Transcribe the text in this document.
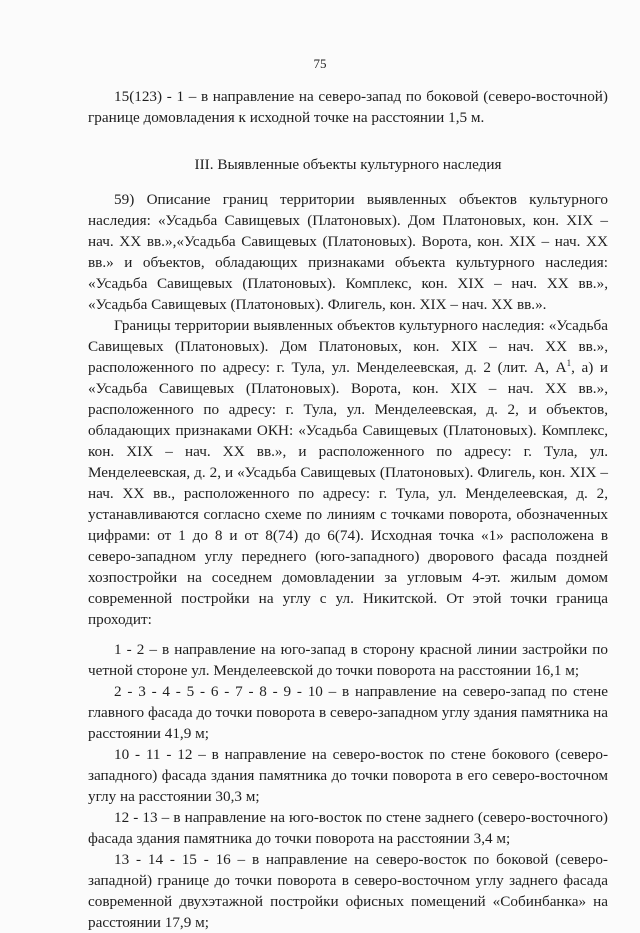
75

15(123) - 1 – в направление на северо-запад по боковой (северо-восточной) границе домовладения к исходной точке на расстоянии 1,5 м.

III. Выявленные объекты культурного наследия

59) Описание границ территории выявленных объектов культурного наследия: «Усадьба Савищевых (Платоновых). Дом Платоновых, кон. XIX – нач. XX вв.»,«Усадьба Савищевых (Платоновых). Ворота, кон. XIX – нач. XX вв.» и объектов, обладающих признаками объекта культурного наследия: «Усадьба Савищевых (Платоновых). Комплекс, кон. XIX – нач. XX вв.», «Усадьба Савищевых (Платоновых). Флигель, кон. XIX – нач. XX вв.».

Границы территории выявленных объектов культурного наследия: «Усадьба Савищевых (Платоновых). Дом Платоновых, кон. XIX – нач. XX вв.», расположенного по адресу: г. Тула, ул. Менделеевская, д. 2 (лит. А, $А^1$, а) и «Усадьба Савищевых (Платоновых). Ворота, кон. XIX – нач. XX вв.», расположенного по адресу: г. Тула, ул. Менделеевская, д. 2, и объектов, обладающих признаками ОКН: «Усадьба Савищевых (Платоновых). Комплекс, кон. XIX – нач. XX вв.», и расположенного по адресу: г. Тула, ул. Менделеевская, д. 2, и «Усадьба Савищевых (Платоновых). Флигель, кон. XIX – нач. XX вв., расположенного по адресу: г. Тула, ул. Менделеевская, д. 2, устанавливаются согласно схеме по линиям с точками поворота, обозначенных цифрами: от 1 до 8 и от 8(74) до 6(74). Исходная точка «1» расположена в северо-западном углу переднего (юго-западного) дворового фасада поздней хозпостройки на соседнем домовладении за угловым 4-эт. жилым домом современной постройки на углу с ул. Никитской. От этой точки граница проходит:

1 - 2 – в направление на юго-запад в сторону красной линии застройки по четной стороне ул. Менделеевской до точки поворота на расстоянии 16,1 м;

2 - 3 - 4 - 5 - 6 - 7 - 8 - 9 - 10 – в направление на северо-запад по стене главного фасада до точки поворота в северо-западном углу здания памятника на расстоянии 41,9 м;

10 - 11 - 12 – в направление на северо-восток по стене бокового (северо-западного) фасада здания памятника до точки поворота в его северо-восточном углу на расстоянии 30,3 м;

12 - 13 – в направление на юго-восток по стене заднего (северо-восточного) фасада здания памятника до точки поворота на расстоянии 3,4 м;

13 - 14 - 15 - 16 – в направление на северо-восток по боковой (северо-западной) границе до точки поворота в северо-восточном углу заднего фасада современной двухэтажной постройки офисных помещений «Собинбанка» на расстоянии 17,9 м;
